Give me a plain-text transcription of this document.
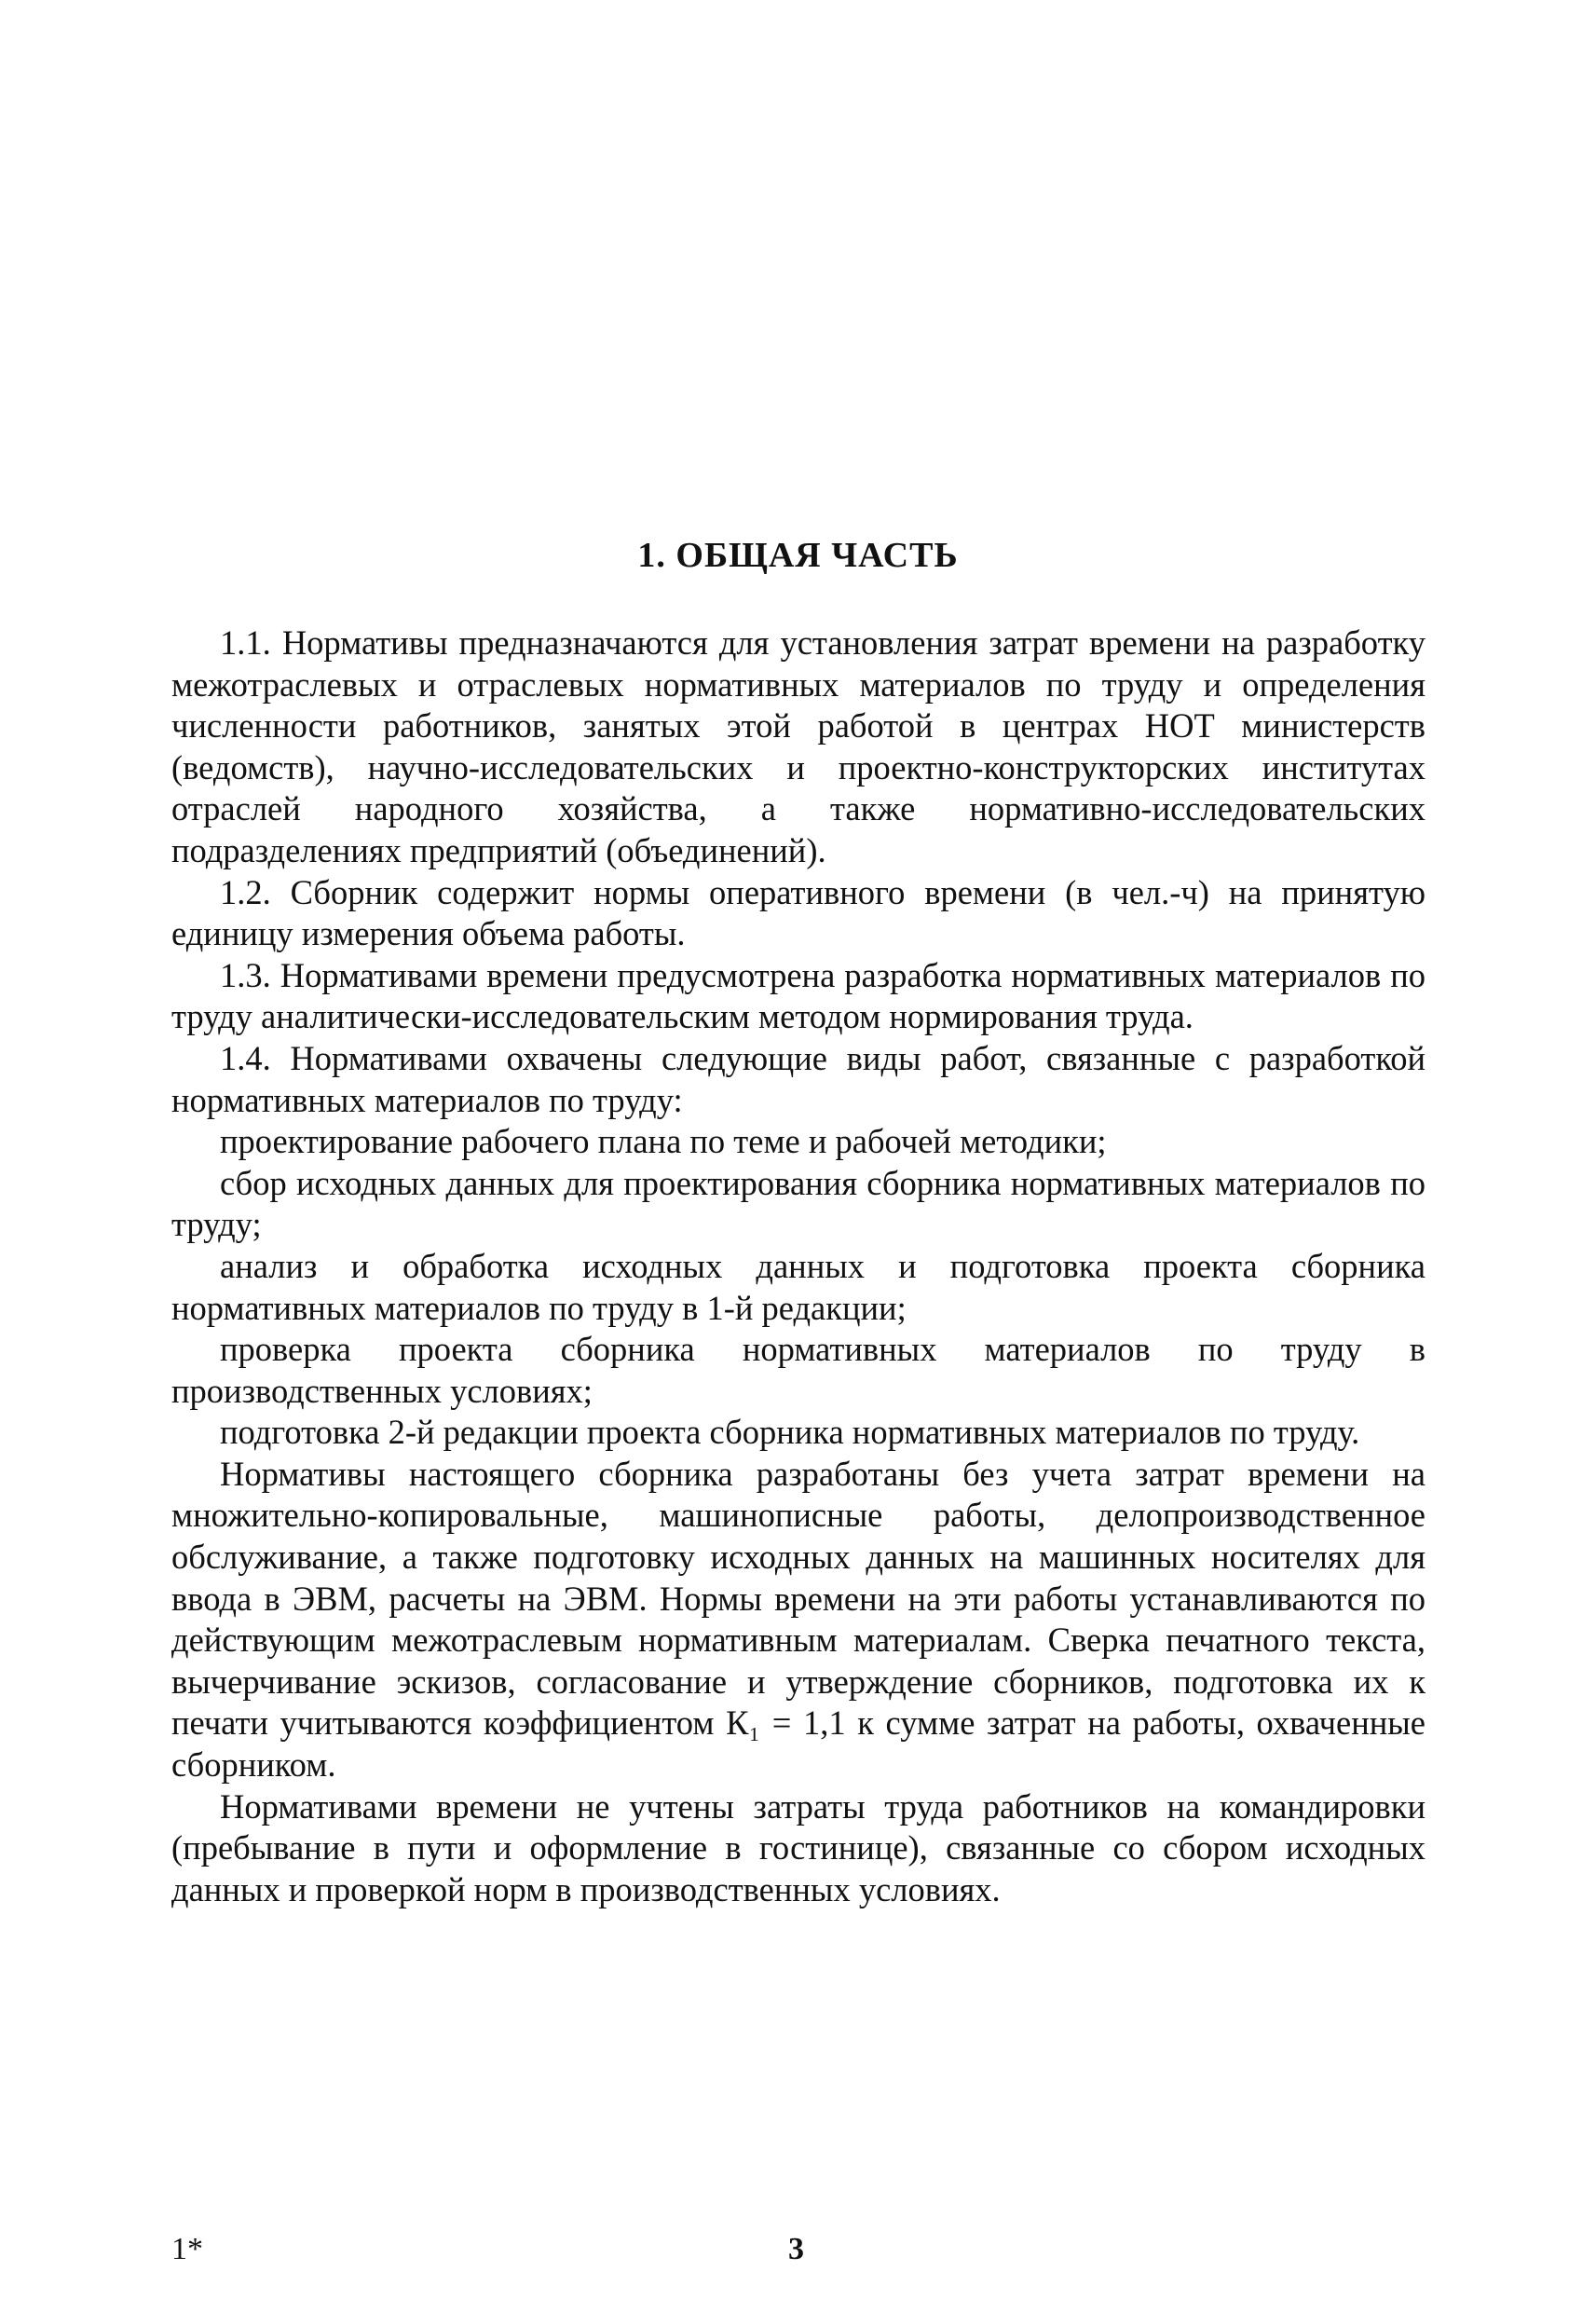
1. ОБЩАЯ ЧАСТЬ

1.1. Нормативы предназначаются для установления затрат времени на разработку межотраслевых и отраслевых нормативных материалов по труду и определения численности работников, занятых этой работой в центрах НОТ министерств (ведомств), научно-исследовательских и проектно-конструкторских институтах отраслей народного хозяйства, а также нормативно-исследовательских подразделениях предприятий (объединений).

1.2. Сборник содержит нормы оперативного времени (в чел.-ч) на принятую единицу измерения объема работы.

1.3. Нормативами времени предусмотрена разработка нормативных материалов по труду аналитически-исследовательским методом нормирования труда.

1.4. Нормативами охвачены следующие виды работ, связанные с разработкой нормативных материалов по труду:

проектирование рабочего плана по теме и рабочей методики;

сбор исходных данных для проектирования сборника нормативных материалов по труду;

анализ и обработка исходных данных и подготовка проекта сборника нормативных материалов по труду в 1-й редакции;

проверка проекта сборника нормативных материалов по труду в производственных условиях;

подготовка 2-й редакции проекта сборника нормативных материалов по труду.

Нормативы настоящего сборника разработаны без учета затрат времени на множительно-копировальные, машинописные работы, делопроизводственное обслуживание, а также подготовку исходных данных на машинных носителях для ввода в ЭВМ, расчеты на ЭВМ. Нормы времени на эти работы устанавливаются по действующим межотраслевым нормативным материалам. Сверка печатного текста, вычерчивание эскизов, согласование и утверждение сборников, подготовка их к печати учитываются коэффициентом К₁ = 1,1 к сумме затрат на работы, охваченные сборником.

Нормативами времени не учтены затраты труда работников на командировки (пребывание в пути и оформление в гостинице), связанные со сбором исходных данных и проверкой норм в производственных условиях.

1*	3
